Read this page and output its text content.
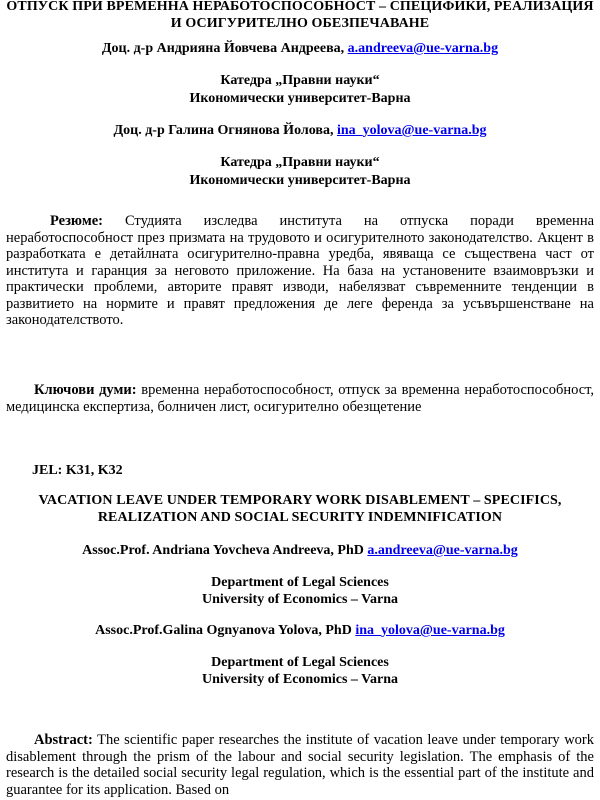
ОТПУСК ПРИ ВРЕМЕННА НЕРАБОТОСПОСОБНОСТ – СПЕЦИФИКИ, РЕАЛИЗАЦИЯ И ОСИГУРИТЕЛНО ОБЕЗПЕЧАВАНЕ

Доц. д-р Андрияна Йовчева Андреева, a.andreeva@ue-varna.bg

Катедра „Правни науки“

Икономически университет-Варна

Доц. д-р Галина Огнянова Йолова, ina_yolova@ue-varna.bg

Катедра „Правни науки“

Икономически университет-Варна

Резюме: Студията изследва института на отпуска поради временна неработоспособност през призмата на трудовото и осигурителното законодателство. Акцент в разработката е детайлната осигурително-правна уредба, явяваща се съществена част от института и гаранция за неговото приложение. На база на установените взаимовръзки и практически проблеми, авторите правят изводи, набелязват съвременните тенденции в развитието на нормите и правят предложения де леге ференда за усъвършенстване на законодателството.

Ключови думи: временна неработоспособност, отпуск за временна неработоспособност, медицинска експертиза, болничен лист, осигурително обезщетение

JEL: K31, K32

VACATION LEAVE UNDER TEMPORARY WORK DISABLEMENT – SPECIFICS, REALIZATION AND SOCIAL SECURITY INDEMNIFICATION

Assoc.Prof. Andriana Yovcheva Andreeva, PhD a.andreeva@ue-varna.bg

Department of Legal Sciences

University of Economics – Varna

Assoc.Prof.Galina Ognyanova Yolova, PhD ina_yolova@ue-varna.bg

Department of Legal Sciences

University of Economics – Varna

Abstract: The scientific paper researches the institute of vacation leave under temporary work disablement through the prism of the labour and social security legislation. The emphasis of the research is the detailed social security legal regulation, which is the essential part of the institute and guarantee for its application. Based on
